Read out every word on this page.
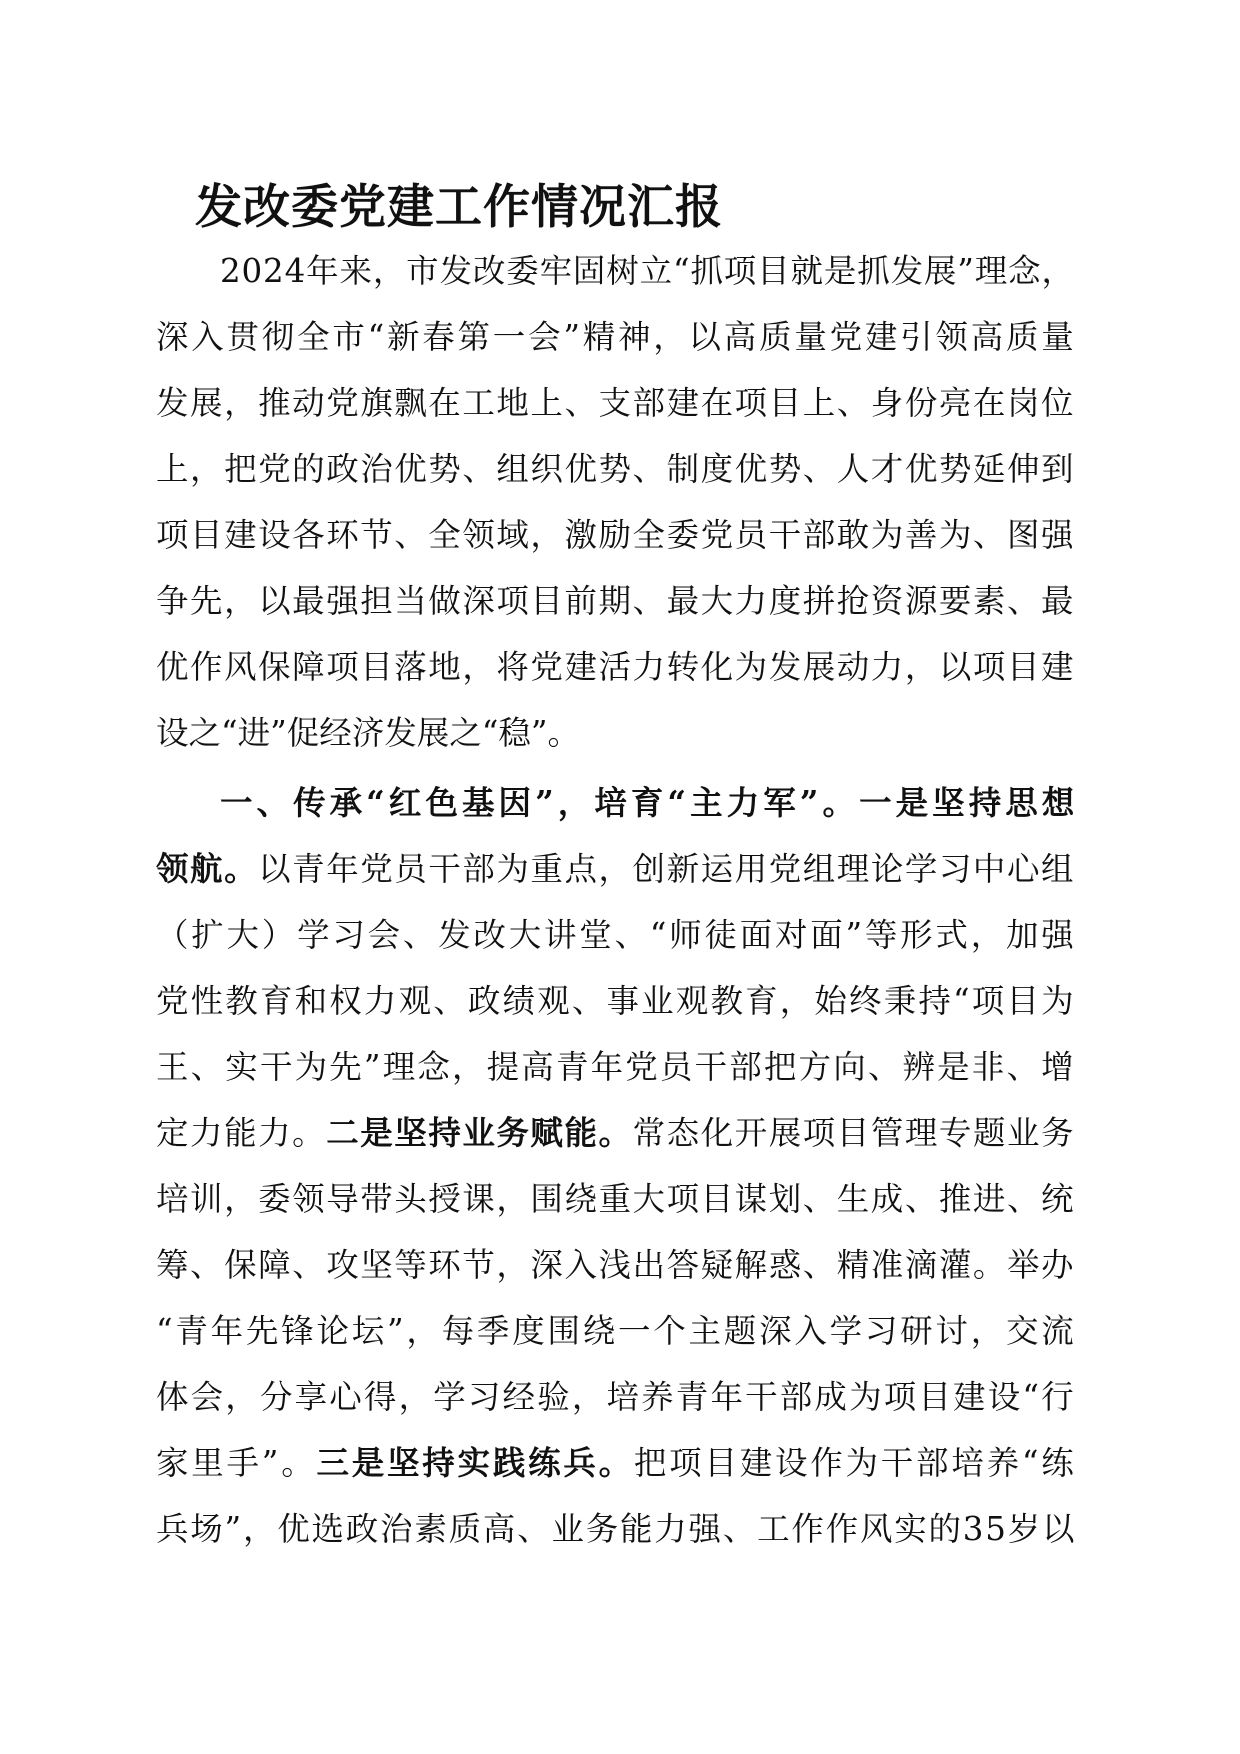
发改委党建工作情况汇报
2024年来，市发改委牢固树立“抓项目就是抓发展”理念，
深入贯彻全市“新春第一会”精神，以高质量党建引领高质量
发展，推动党旗飘在工地上、支部建在项目上、身份亮在岗位
上，把党的政治优势、组织优势、制度优势、人才优势延伸到
项目建设各环节、全领域，激励全委党员干部敢为善为、图强
争先，以最强担当做深项目前期、最大力度拼抢资源要素、最
优作风保障项目落地，将党建活力转化为发展动力，以项目建
设之“进”促经济发展之“稳”。
一、传承“红色基因”，培育“主力军”。一是坚持思想
领航。以青年党员干部为重点，创新运用党组理论学习中心组
（扩大）学习会、发改大讲堂、“师徒面对面”等形式，加强
党性教育和权力观、政绩观、事业观教育，始终秉持“项目为
王、实干为先”理念，提高青年党员干部把方向、辨是非、增
定力能力。二是坚持业务赋能。常态化开展项目管理专题业务
培训，委领导带头授课，围绕重大项目谋划、生成、推进、统
筹、保障、攻坚等环节，深入浅出答疑解惑、精准滴灌。举办
“青年先锋论坛”，每季度围绕一个主题深入学习研讨，交流
体会，分享心得，学习经验，培养青年干部成为项目建设“行
家里手”。三是坚持实践练兵。把项目建设作为干部培养“练
兵场”，优选政治素质高、业务能力强、工作作风实的35岁以
